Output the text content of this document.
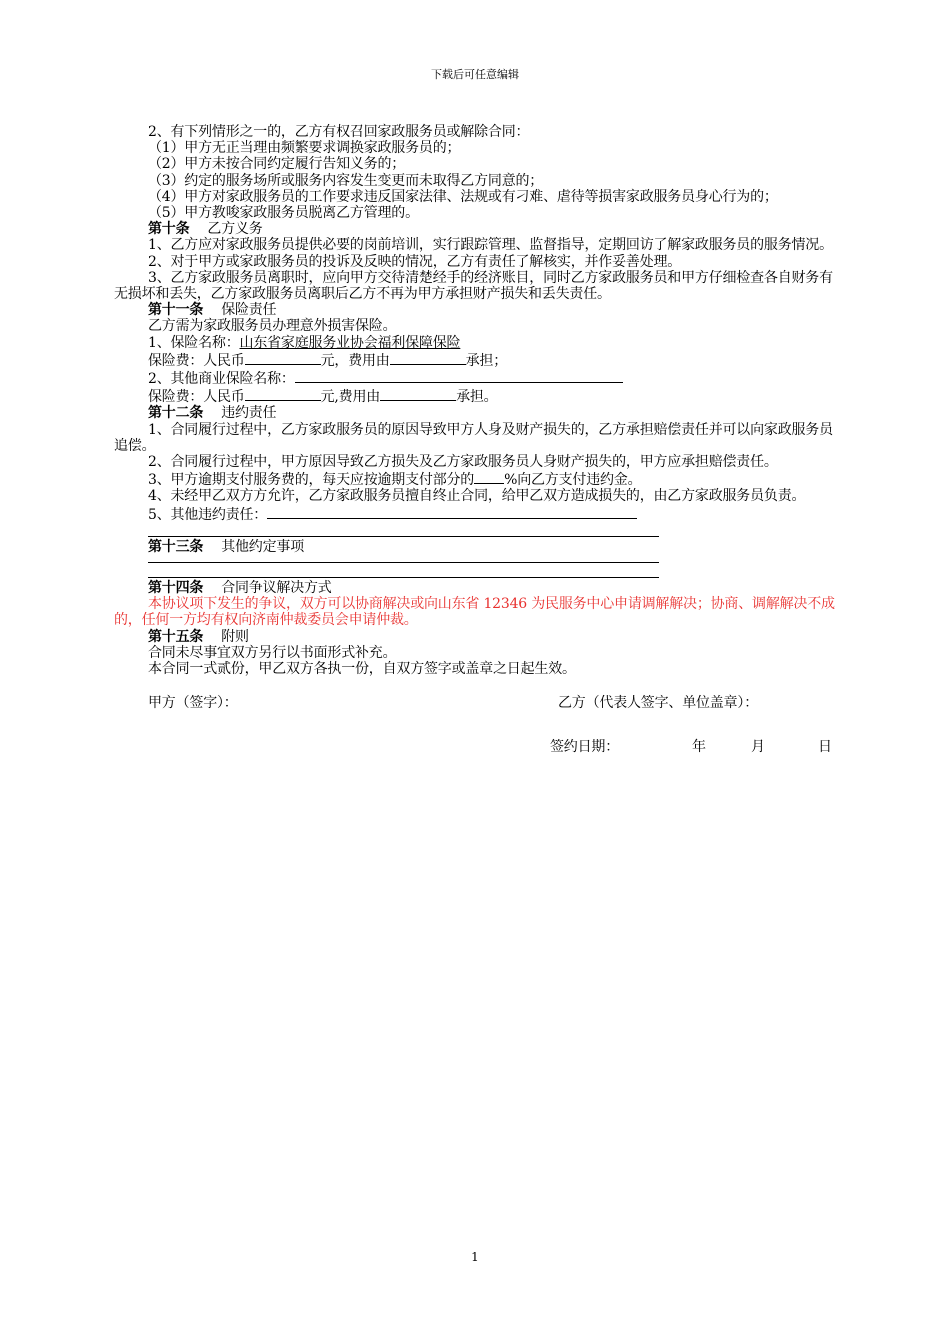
下载后可任意编辑

2、有下列情形之一的，乙方有权召回家政服务员或解除合同：

（1）甲方无正当理由频繁要求调换家政服务员的；

（2）甲方未按合同约定履行告知义务的；

（3）约定的服务场所或服务内容发生变更而未取得乙方同意的；

（4）甲方对家政服务员的工作要求违反国家法律、法规或有刁难、虐待等损害家政服务员身心行为的；

（5）甲方教唆家政服务员脱离乙方管理的。

第十条 乙方义务

1、乙方应对家政服务员提供必要的岗前培训，实行跟踪管理、监督指导，定期回访了解家政服务员的服务情况。

2、对于甲方或家政服务员的投诉及反映的情况，乙方有责任了解核实，并作妥善处理。

3、乙方家政服务员离职时，应向甲方交待清楚经手的经济账目，同时乙方家政服务员和甲方仔细检查各自财务有无损坏和丢失，乙方家政服务员离职后乙方不再为甲方承担财产损失和丢失责任。

第十一条 保险责任

乙方需为家政服务员办理意外损害保险。

1、保险名称：山东省家庭服务业协会福利保障保险

保险费：人民币	元，费用由	承担；

2、其他商业保险名称：

保险费：人民币	元,费用由	承担。

第十二条 违约责任

1、合同履行过程中，乙方家政服务员的原因导致甲方人身及财产损失的，乙方承担赔偿责任并可以向家政服务员追偿。

2、合同履行过程中，甲方原因导致乙方损失及乙方家政服务员人身财产损失的，甲方应承担赔偿责任。

3、甲方逾期支付服务费的，每天应按逾期支付部分的 %向乙方支付违约金。

4、未经甲乙双方方允许，乙方家政服务员擅自终止合同，给甲乙双方造成损失的，由乙方家政服务员负责。

5、其他违约责任：

第十三条 其他约定事项

第十四条 合同争议解决方式

本协议项下发生的争议，双方可以协商解决或向山东省 12346 为民服务中心申请调解解决；协商、调解解决不成的，任何一方均有权向济南仲裁委员会申请仲裁。

第十五条 附则

合同未尽事宜双方另行以书面形式补充。

本合同一式贰份，甲乙双方各执一份，自双方签字或盖章之日起生效。

甲方（签字）：	乙方（代表人签字、单位盖章）：
签约日期：	年	月	日
1
